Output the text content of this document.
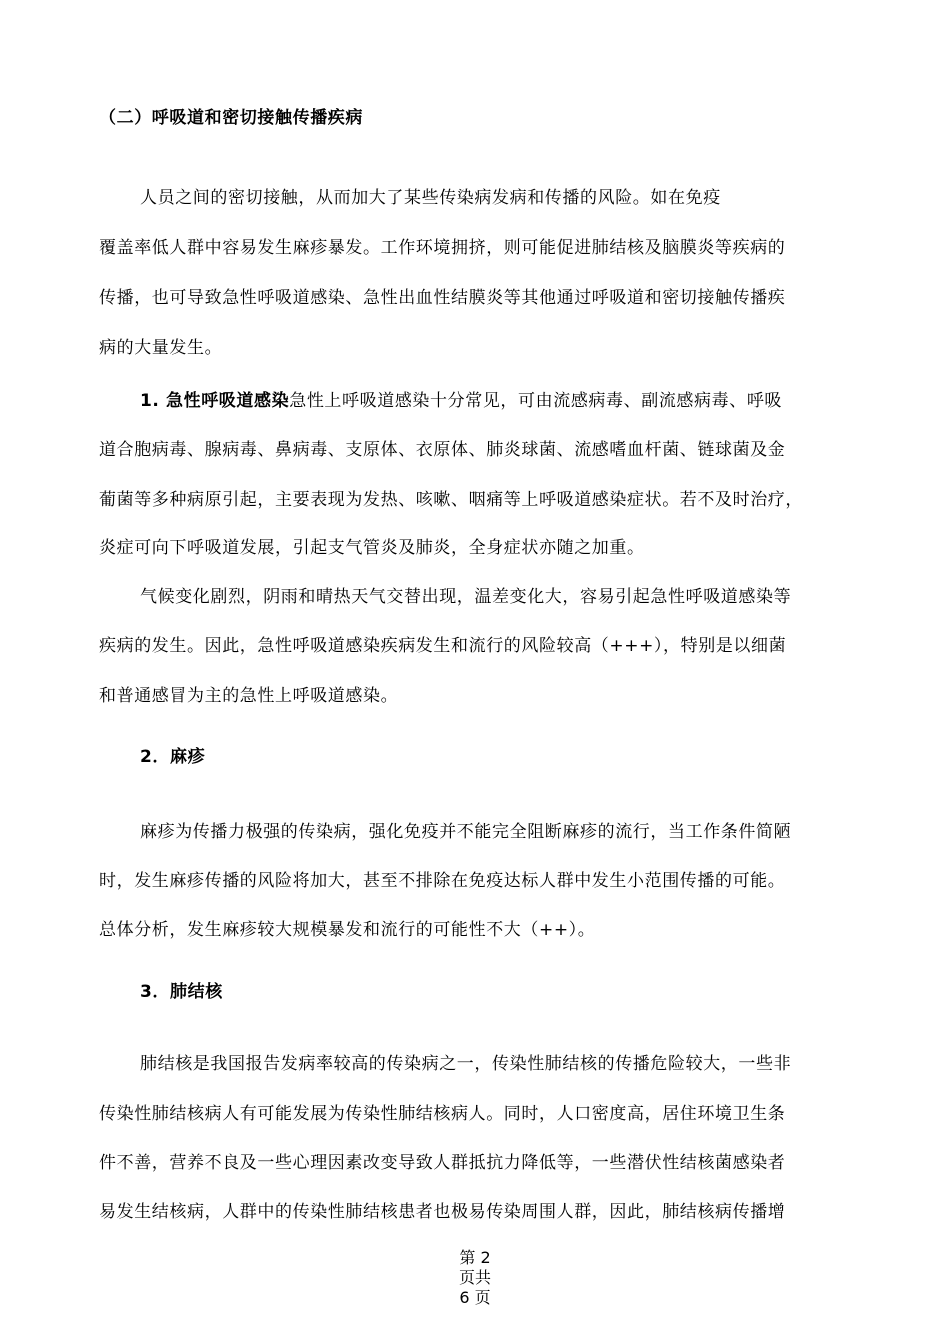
（二）呼吸道和密切接触传播疾病
人员之间的密切接触，从而加大了某些传染病发病和传播的风险。如在免疫
覆盖率低人群中容易发生麻疹暴发。工作环境拥挤，则可能促进肺结核及脑膜炎等疾病的
传播，也可导致急性呼吸道感染、急性出血性结膜炎等其他通过呼吸道和密切接触传播疾
病的大量发生。
1. 急性呼吸道感染急性上呼吸道感染十分常见，可由流感病毒、副流感病毒、呼吸
道合胞病毒、腺病毒、鼻病毒、支原体、衣原体、肺炎球菌、流感嗜血杆菌、链球菌及金
葡菌等多种病原引起，主要表现为发热、咳嗽、咽痛等上呼吸道感染症状。若不及时治疗，
炎症可向下呼吸道发展，引起支气管炎及肺炎，全身症状亦随之加重。
气候变化剧烈，阴雨和晴热天气交替出现，温差变化大，容易引起急性呼吸道感染等
疾病的发生。因此，急性呼吸道感染疾病发生和流行的风险较高（+++），特别是以细菌
和普通感冒为主的急性上呼吸道感染。
2．麻疹
麻疹为传播力极强的传染病，强化免疫并不能完全阻断麻疹的流行，当工作条件简陋
时，发生麻疹传播的风险将加大，甚至不排除在免疫达标人群中发生小范围传播的可能。
总体分析，发生麻疹较大规模暴发和流行的可能性不大（++）。
3．肺结核
肺结核是我国报告发病率较高的传染病之一，传染性肺结核的传播危险较大，一些非
传染性肺结核病人有可能发展为传染性肺结核病人。同时，人口密度高，居住环境卫生条
件不善，营养不良及一些心理因素改变导致人群抵抗力降低等，一些潜伏性结核菌感染者
易发生结核病，人群中的传染性肺结核患者也极易传染周围人群，因此，肺结核病传播增
第 2
页共
6 页
